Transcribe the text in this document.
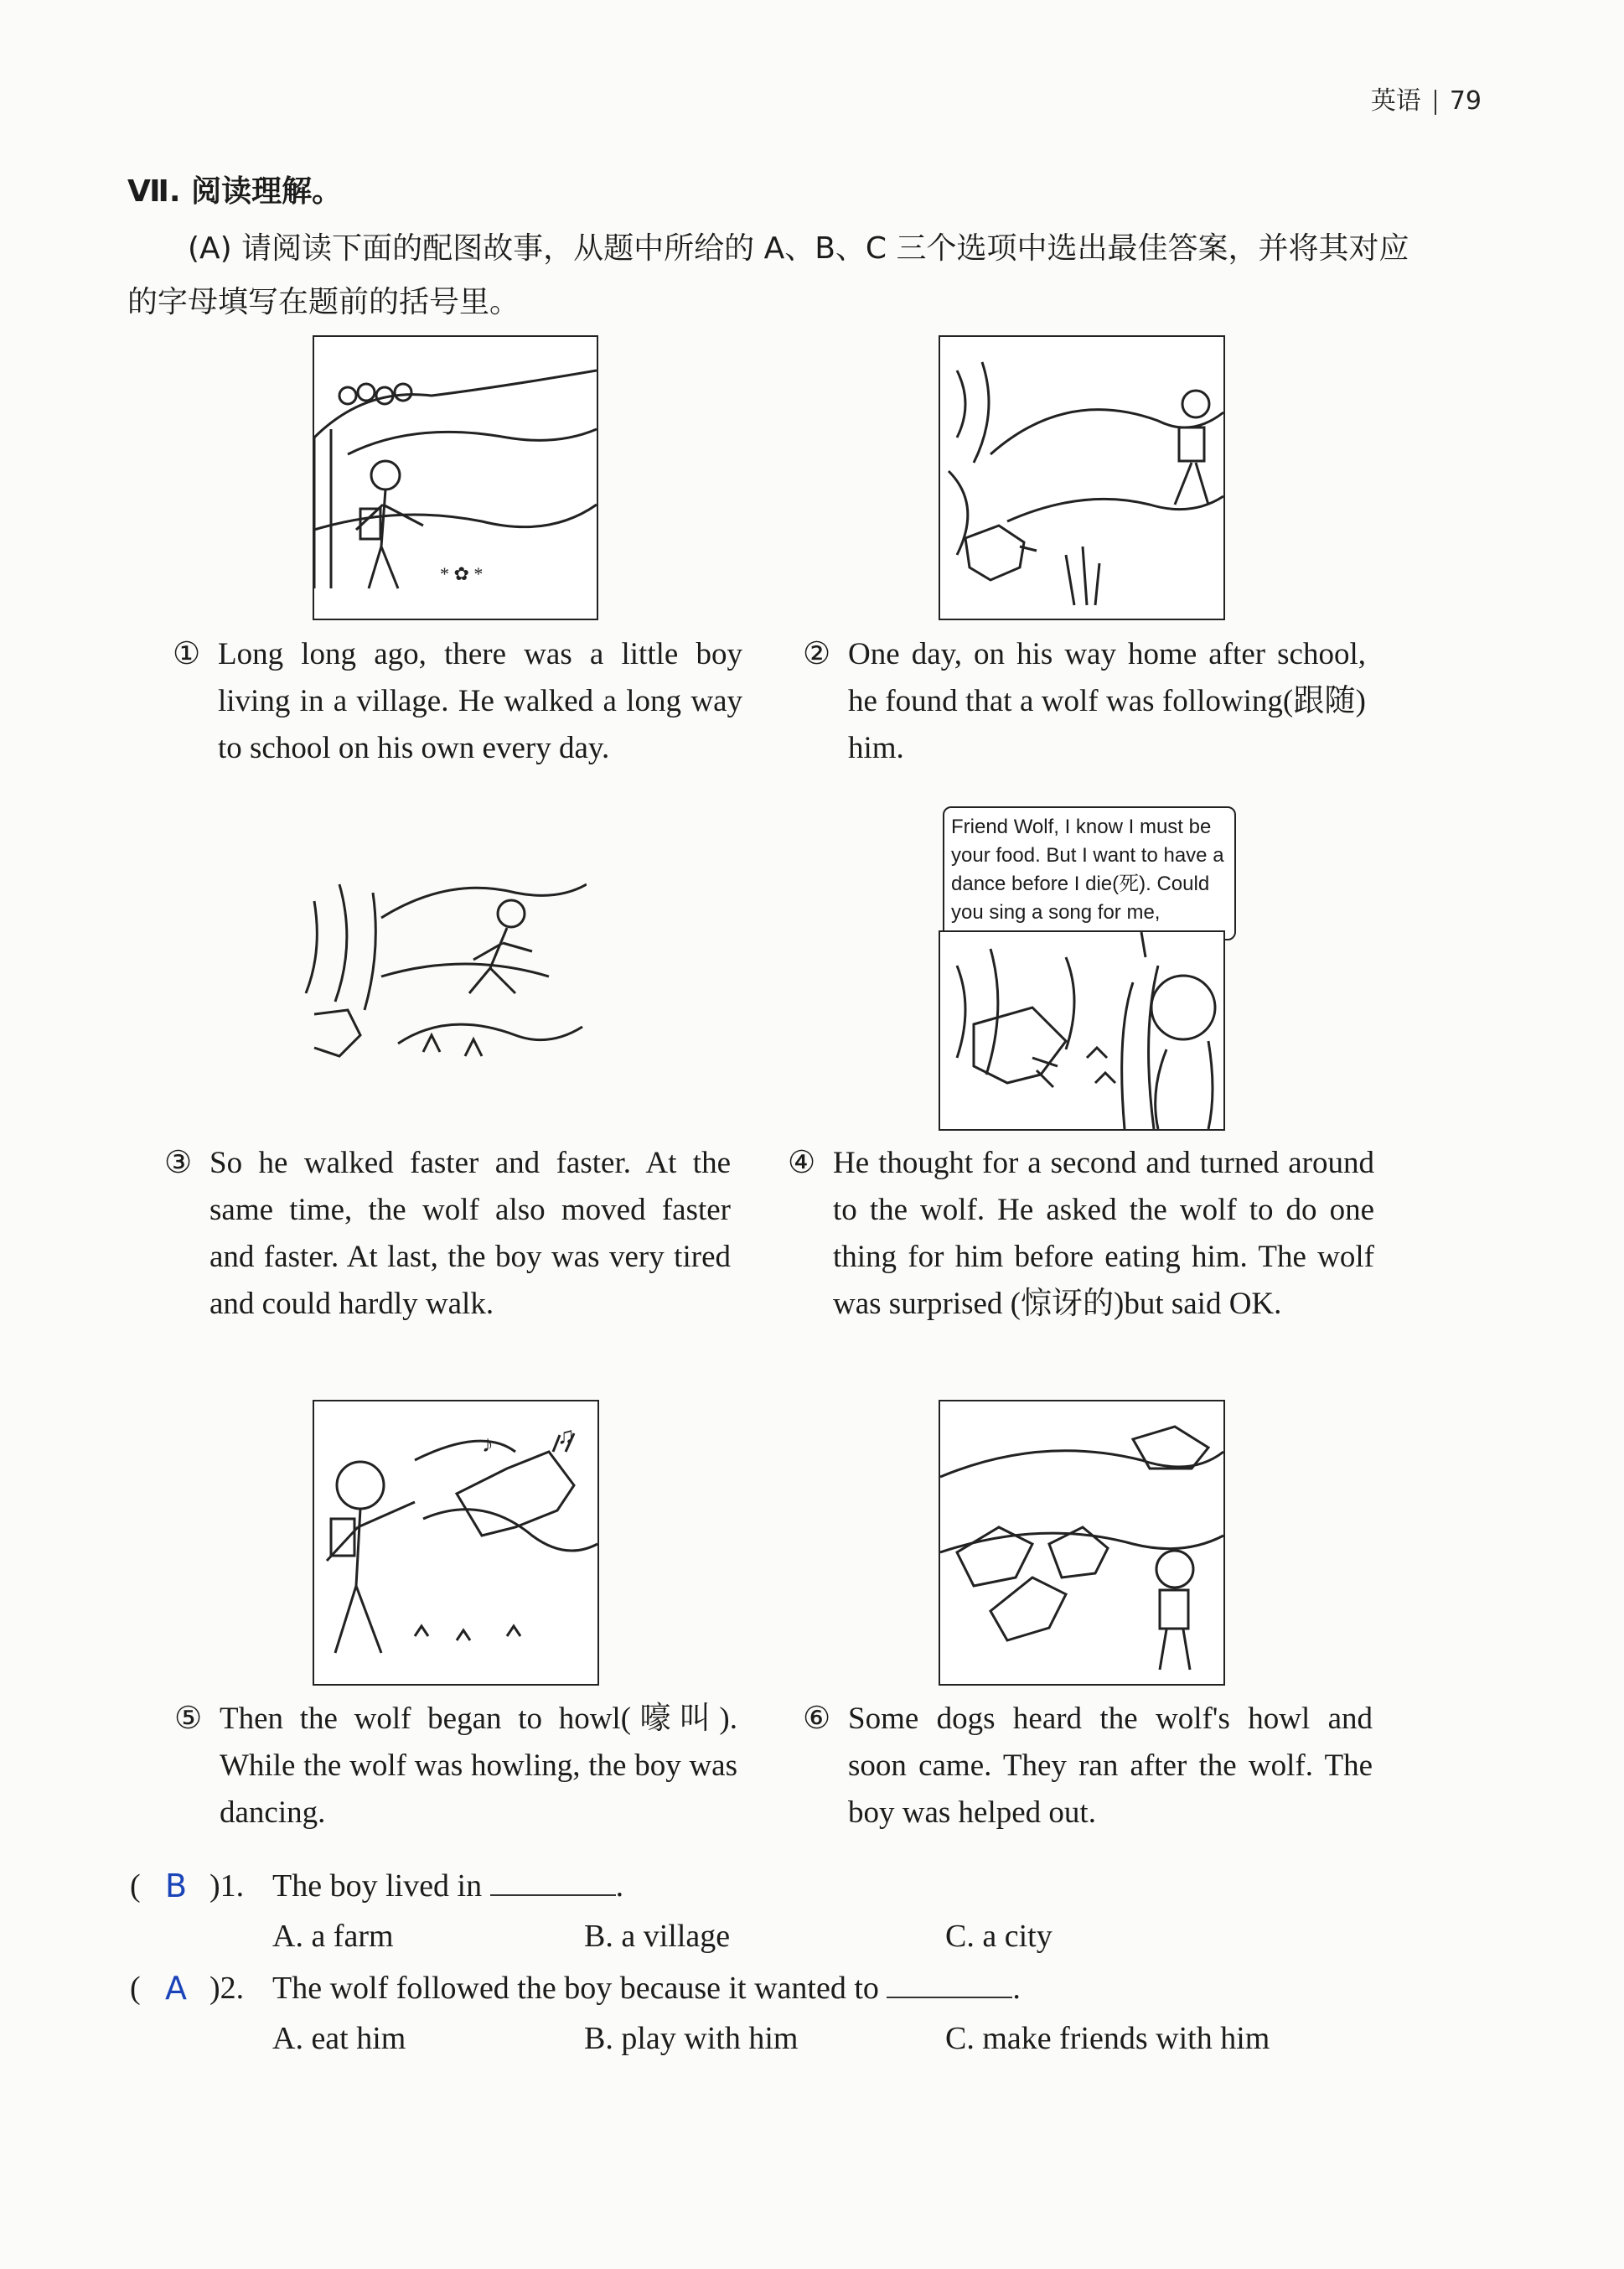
英语 79
Ⅶ. 阅读理解。
(A) 请阅读下面的配图故事，从题中所给的 A、B、C 三个选项中选出最佳答案，并将其对应的字母填写在题前的括号里。
* ✿ *
① Long long ago, there was a little boy living in a village. He walked a long way to school on his own every day.
② One day, on his way home after school, he found that a wolf was following(跟随) him.
③ So he walked faster and faster. At the same time, the wolf also moved faster and faster. At last, the boy was very tired and could hardly walk.
Friend Wolf, I know I must be your food. But I want to have a dance before I die(死). Could you sing a song for me,
④ He thought for a second and turned around to the wolf. He asked the wolf to do one thing for him before eating him. The wolf was surprised (惊讶的)but said OK.
♪	♫
⑤ Then the wolf began to howl(嚎叫). While the wolf was howling, the boy was dancing.
⑥ Some dogs heard the wolf's howl and soon came. They ran after the wolf. The boy was helped out.
( B )1. The boy lived in	.
A. a farm	B. a village	C. a city
( A )2. The wolf followed the boy because it wanted to	.
A. eat him	B. play with him	C. make friends with him
